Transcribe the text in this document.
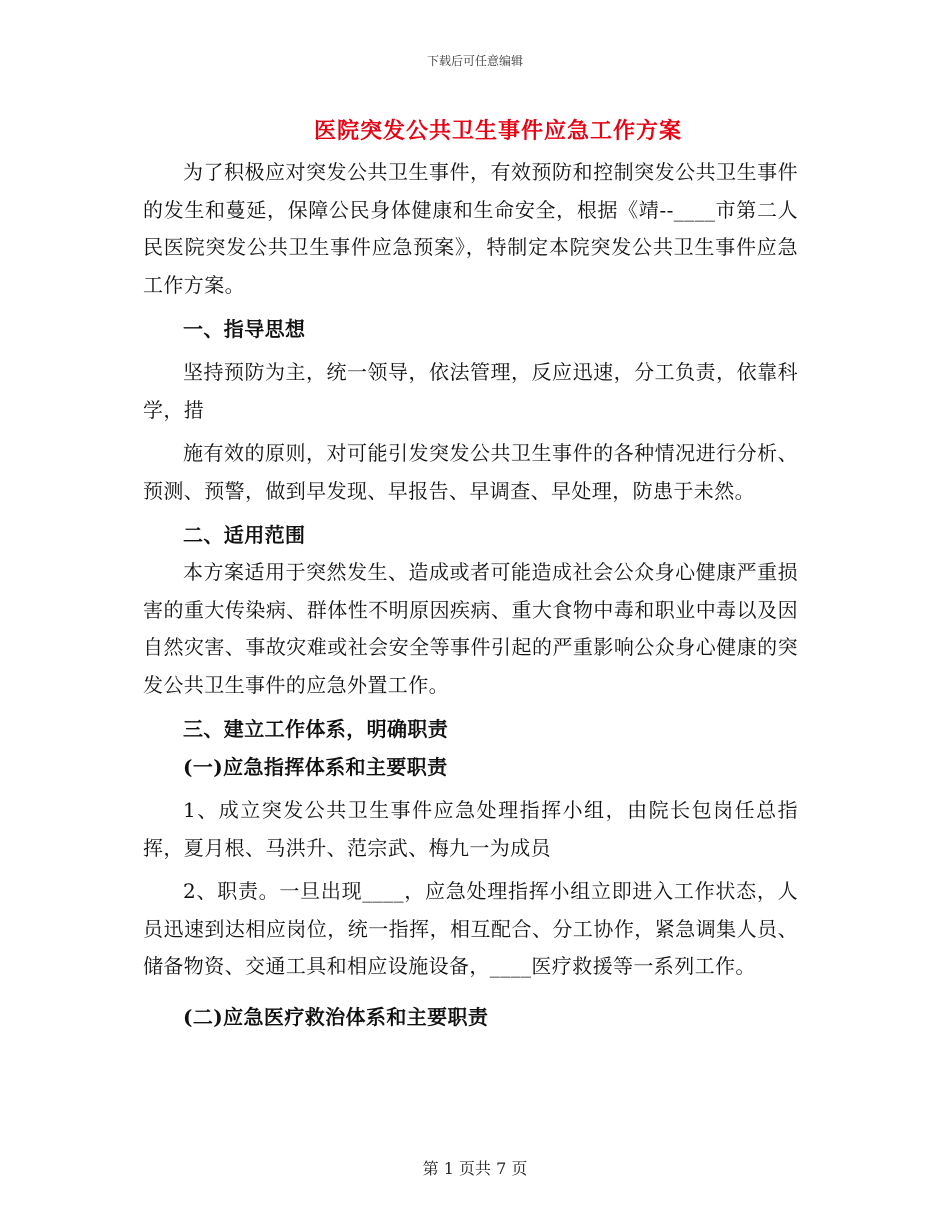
下载后可任意编辑
医院突发公共卫生事件应急工作方案

为了积极应对突发公共卫生事件，有效预防和控制突发公共卫生事件的发生和蔓延，保障公民身体健康和生命安全，根据《靖--____市第二人民医院突发公共卫生事件应急预案》，特制定本院突发公共卫生事件应急工作方案。

一、指导思想

坚持预防为主，统一领导，依法管理，反应迅速，分工负责，依靠科学，措

施有效的原则，对可能引发突发公共卫生事件的各种情况进行分析、预测、预警，做到早发现、早报告、早调查、早处理，防患于未然。

二、适用范围

本方案适用于突然发生、造成或者可能造成社会公众身心健康严重损害的重大传染病、群体性不明原因疾病、重大食物中毒和职业中毒以及因自然灾害、事故灾难或社会安全等事件引起的严重影响公众身心健康的突发公共卫生事件的应急外置工作。

三、建立工作体系，明确职责

(一)应急指挥体系和主要职责

1、成立突发公共卫生事件应急处理指挥小组，由院长包岗任总指挥，夏月根、马洪升、范宗武、梅九一为成员

2、职责。一旦出现____，应急处理指挥小组立即进入工作状态，人员迅速到达相应岗位，统一指挥，相互配合、分工协作，紧急调集人员、储备物资、交通工具和相应设施设备，____医疗救援等一系列工作。

(二)应急医疗救治体系和主要职责

第 1 页共 7 页
